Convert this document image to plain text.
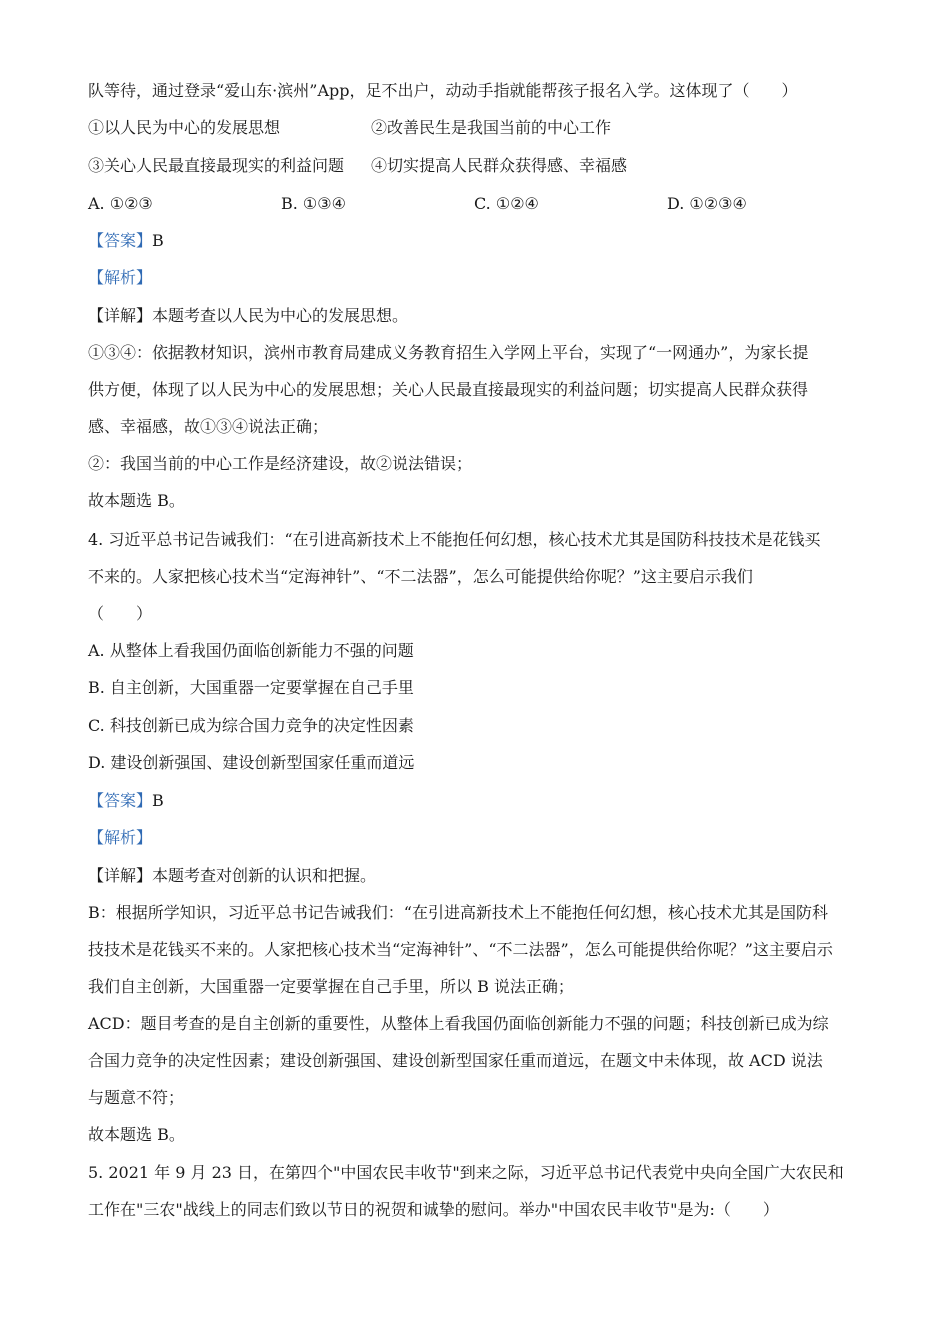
队等待，通过登录“爱山东·滨州”App，足不出户，动动手指就能帮孩子报名入学。这体现了（　　）
①以人民为中心的发展思想	②改善民生是我国当前的中心工作
③关心人民最直接最现实的利益问题 ④切实提高人民群众获得感、幸福感
A. ①②③	B. ①③④	C. ①②④	D. ①②③④
【答案】B
【解析】
【详解】本题考查以人民为中心的发展思想。
①③④：依据教材知识，滨州市教育局建成义务教育招生入学网上平台，实现了“一网通办”，为家长提
供方便，体现了以人民为中心的发展思想；关心人民最直接最现实的利益问题；切实提高人民群众获得
感、幸福感，故①③④说法正确；
②：我国当前的中心工作是经济建设，故②说法错误；
故本题选 B。
4. 习近平总书记告诫我们：“在引进高新技术上不能抱任何幻想，核心技术尤其是国防科技技术是花钱买
不来的。人家把核心技术当“定海神针”、“不二法器”，怎么可能提供给你呢？”这主要启示我们
（　　）
A. 从整体上看我国仍面临创新能力不强的问题
B. 自主创新，大国重器一定要掌握在自己手里
C. 科技创新已成为综合国力竞争的决定性因素
D. 建设创新强国、建设创新型国家任重而道远
【答案】B
【解析】
【详解】本题考查对创新的认识和把握。
B：根据所学知识，习近平总书记告诫我们：“在引进高新技术上不能抱任何幻想，核心技术尤其是国防科
技技术是花钱买不来的。人家把核心技术当“定海神针”、“不二法器”，怎么可能提供给你呢？”这主要启示
我们自主创新，大国重器一定要掌握在自己手里，所以 B 说法正确；
ACD：题目考查的是自主创新的重要性，从整体上看我国仍面临创新能力不强的问题；科技创新已成为综
合国力竞争的决定性因素；建设创新强国、建设创新型国家任重而道远，在题文中未体现，故 ACD 说法
与题意不符；
故本题选 B。
5. 2021 年 9 月 23 日，在第四个"中国农民丰收节"到来之际，习近平总书记代表党中央向全国广大农民和
工作在"三农"战线上的同志们致以节日的祝贺和诚挚的慰问。举办"中国农民丰收节"是为:（　　）
